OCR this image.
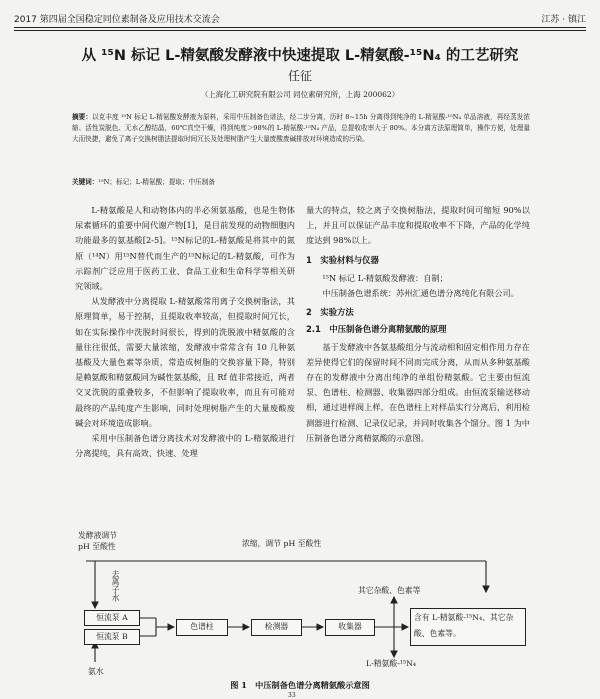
2017 第四届全国稳定同位素制备及应用技术交流会	江苏 · 镇江
从 ¹⁵N 标记 L-精氨酸发酵液中快速提取 L-精氨酸-¹⁵N₄ 的工艺研究
任征
（上海化工研究院有限公司 同位素研究所，上海 200062）
摘要：以克丰度 ¹⁵N 标记 L-精氨酸发酵液为原料，采用中压制备色谱法，经二步分离，历时 8~15h 分离得到纯净的 L-精氨酸-¹⁵N₄ 单品溶液，再经蒸发浓缩、活性炭脱色、无水乙醇结晶，60℃真空干燥，得到纯度＞98%的 L-精氨酸-¹⁵N₄ 产品，总提收收率大于 80%。本分离方法原理简单，操作方便，处理量大而快捷，避免了离子交换树脂法提取时间冗长及处理树脂产生大量废酸废碱排放对环境造成的污染。
关键词：¹⁵N；标记；L-精氨酸；提取；中压制备

L-精氨酸是人和动物体内的半必须氨基酸，也是生物体尿素循环的重要中间代谢产物[1]，是目前发现的动物细胞内功能最多的氨基酸[2-5]。¹⁵N标记的L-精氨酸是将其中的氮原（¹⁴N）用¹⁵N替代而生产的¹⁵N标记的L-精氨酸，可作为示踪剂广泛应用于医药工业、食品工业和生命科学等相关研究领域。

从发酵液中分离提取 L-精氨酸常用离子交换树脂法，其原理简单，易于控制，且提取收率较高，但提取时间冗长，如在实际操作中洗脱时间很长，得到的洗脱液中精氨酸的含量往往很低，需要大量浓缩，发酵液中常常含有 10 几种氨基酸及大量色素等杂质，常造成树脂的交换容量下降，特别是赖氨酸和精氨酸同为碱性氨基酸，且 Rf 值非常接近，两者交叉洗脱的重叠较多，不但影响了提取收率，而且有可能对最终的产品纯度产生影响，同时处理树脂产生的大量废酸废碱会对环境造成影响。

采用中压制备色谱分离技术对发酵液中的 L-精氨酸进行分离提纯，具有高效、快速、处理

量大的特点，较之离子交换树脂法，提取时间可缩短 90%以上，并且可以保证产品丰度和提取收率不下降，产品的化学纯度达到 98%以上。

1　实验材料与仪器

¹⁵N 标记 L-精氨酸发酵液：自制；

中压制备色谱系统：苏州汇通色谱分离纯化有限公司。

2　实验方法

2.1　中压制备色谱分离精氨酸的原理

基于发酵液中各氨基酸组分与流动相和固定相作用力存在差异使得它们的保留时间不同而完成分离，从而从多种氨基酸存在的发酵液中分离出纯净的单组份精氨酸。它主要由恒流泵、色谱柱、检测器、收集器四部分组成。由恒流泵输送移动相，通过进样阀上样，在色谱柱上对样品实行分离后，利用检测器进行检测、记录仪记录，并同时收集各个馏分。图 1 为中压制备色谱分离精氨酸的示意图。

发酵液调节
pH 至酸性	浓缩，调节 pH 至酸性
去离子水
氨水
恒流泵 A
恒流泵 B
色谱柱	检测器	收集器
其它杂酸、色素等
含有 L-精氨酸-¹⁵N₄、其它杂酸、色素等。
L-精氨酸-¹⁵N₄
图 1　中压制备色谱分离精氨酸示意图
33
